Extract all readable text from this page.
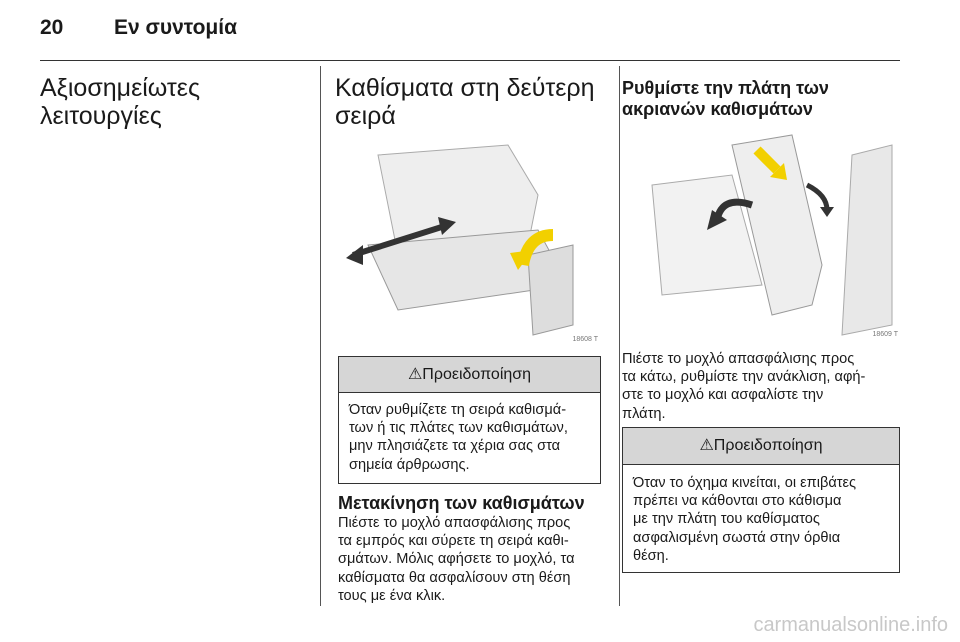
20 Εν συντομία
Αξιοσημείωτες
λειτουργίες
Καθίσματα στη δεύτερη
σειρά
18608 T
⚠Προειδοποίηση
Όταν ρυθμίζετε τη σειρά καθισμά-
των ή τις πλάτες των καθισμάτων,
μην πλησιάζετε τα χέρια σας στα
σημεία άρθρωσης.
Μετακίνηση των καθισμάτων
Πιέστε το μοχλό απασφάλισης προς
τα εμπρός και σύρετε τη σειρά καθι-
σμάτων. Μόλις αφήσετε το μοχλό, τα
καθίσματα θα ασφαλίσουν στη θέση
τους με ένα κλικ.
Ρυθμίστε την πλάτη των
ακριανών καθισμάτων
18609 T
Πιέστε το μοχλό απασφάλισης προς
τα κάτω, ρυθμίστε την ανάκλιση, αφή-
στε το μοχλό και ασφαλίστε την
πλάτη.
⚠Προειδοποίηση
Όταν το όχημα κινείται, οι επιβάτες
πρέπει να κάθονται στο κάθισμα
με την πλάτη του καθίσματος
ασφαλισμένη σωστά στην όρθια
θέση.
carmanualsonline.info
